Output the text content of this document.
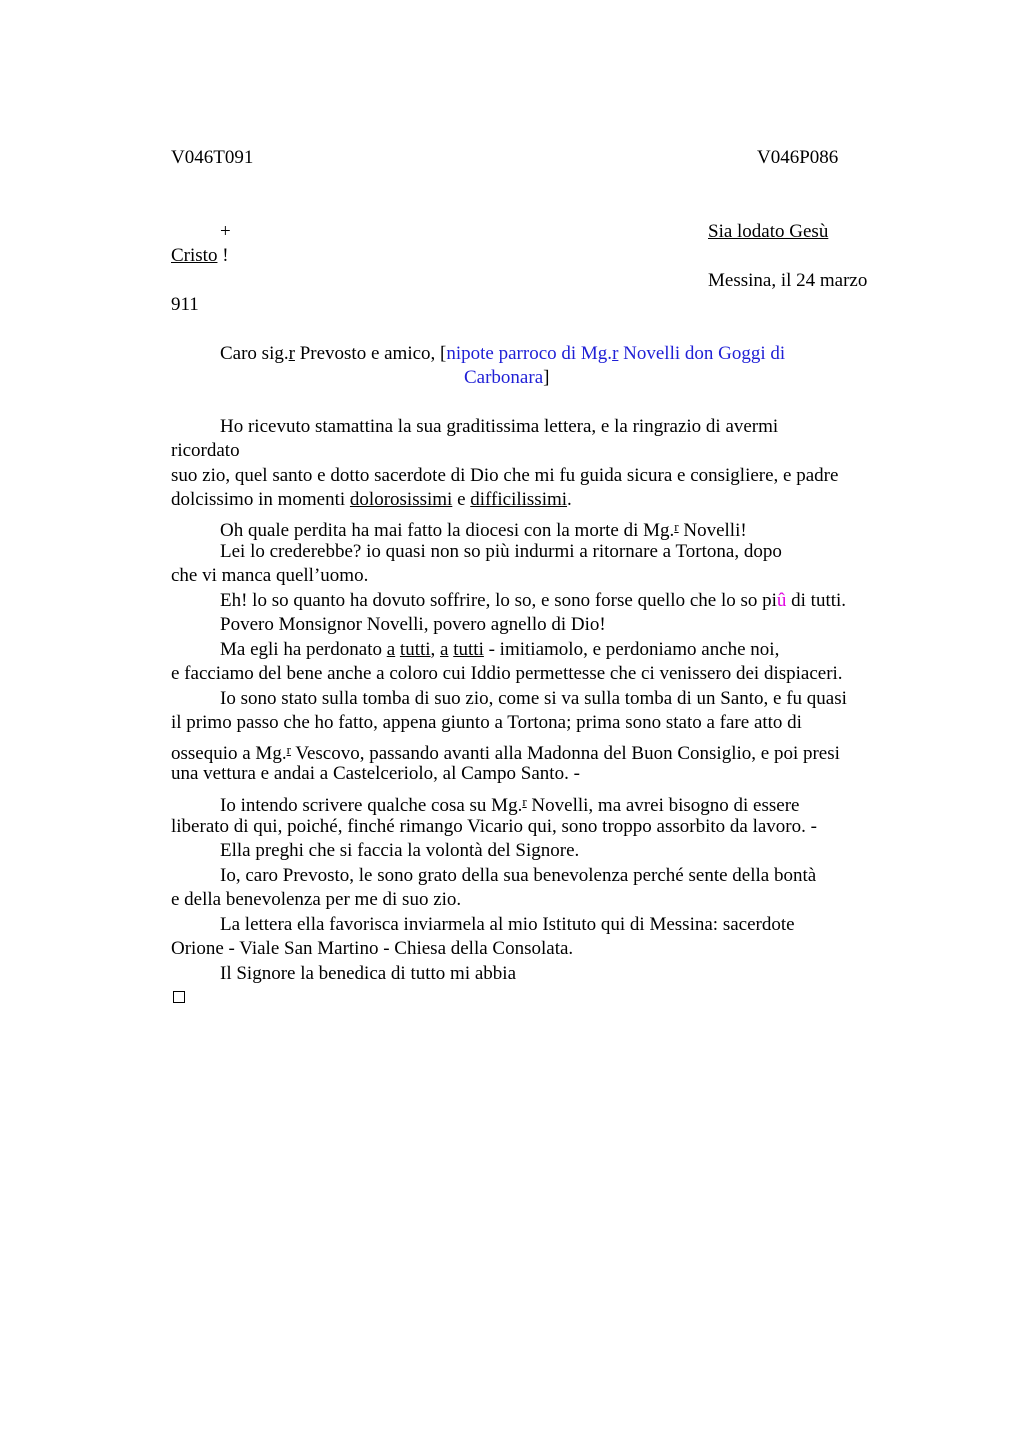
V046T091	V046P086
+	Sia lodato Gesù
Cristo !
Messina, il 24 marzo
911
Caro sig.r Prevosto e amico, [nipote parroco di Mg.r Novelli don Goggi di
Carbonara]
Ho ricevuto stamattina la sua graditissima lettera, e la ringrazio di avermi
ricordato
suo zio, quel santo e dotto sacerdote di Dio che mi fu guida sicura e consigliere, e padre
dolcissimo in momenti dolorosissimi e difficilissimi.
Oh quale perdita ha mai fatto la diocesi con la morte di Mg.$^r$ Novelli!
Lei lo crederebbe? io quasi non so più indurmi a ritornare a Tortona, dopo
che vi manca quell’uomo.
Eh! lo so quanto ha dovuto soffrire, lo so, e sono forse quello che lo so piû di tutti.
Povero Monsignor Novelli, povero agnello di Dio!
Ma egli ha perdonato a tutti, a tutti - imitiamolo, e perdoniamo anche noi,
e facciamo del bene anche a coloro cui Iddio permettesse che ci venissero dei dispiaceri.
Io sono stato sulla tomba di suo zio, come si va sulla tomba di un Santo, e fu quasi
il primo passo che ho fatto, appena giunto a Tortona; prima sono stato a fare atto di
ossequio a Mg.$^r$ Vescovo, passando avanti alla Madonna del Buon Consiglio, e poi presi
una vettura e andai a Castelceriolo, al Campo Santo. -
Io intendo scrivere qualche cosa su Mg.$^r$ Novelli, ma avrei bisogno di essere
liberato di qui, poiché, finché rimango Vicario qui, sono troppo assorbito da lavoro. -
Ella preghi che si faccia la volontà del Signore.
Io, caro Prevosto, le sono grato della sua benevolenza perché sente della bontà
e della benevolenza per me di suo zio.
La lettera ella favorisca inviarmela al mio Istituto qui di Messina: sacerdote
Orione - Viale San Martino - Chiesa della Consolata.
Il Signore la benedica di tutto mi abbia
